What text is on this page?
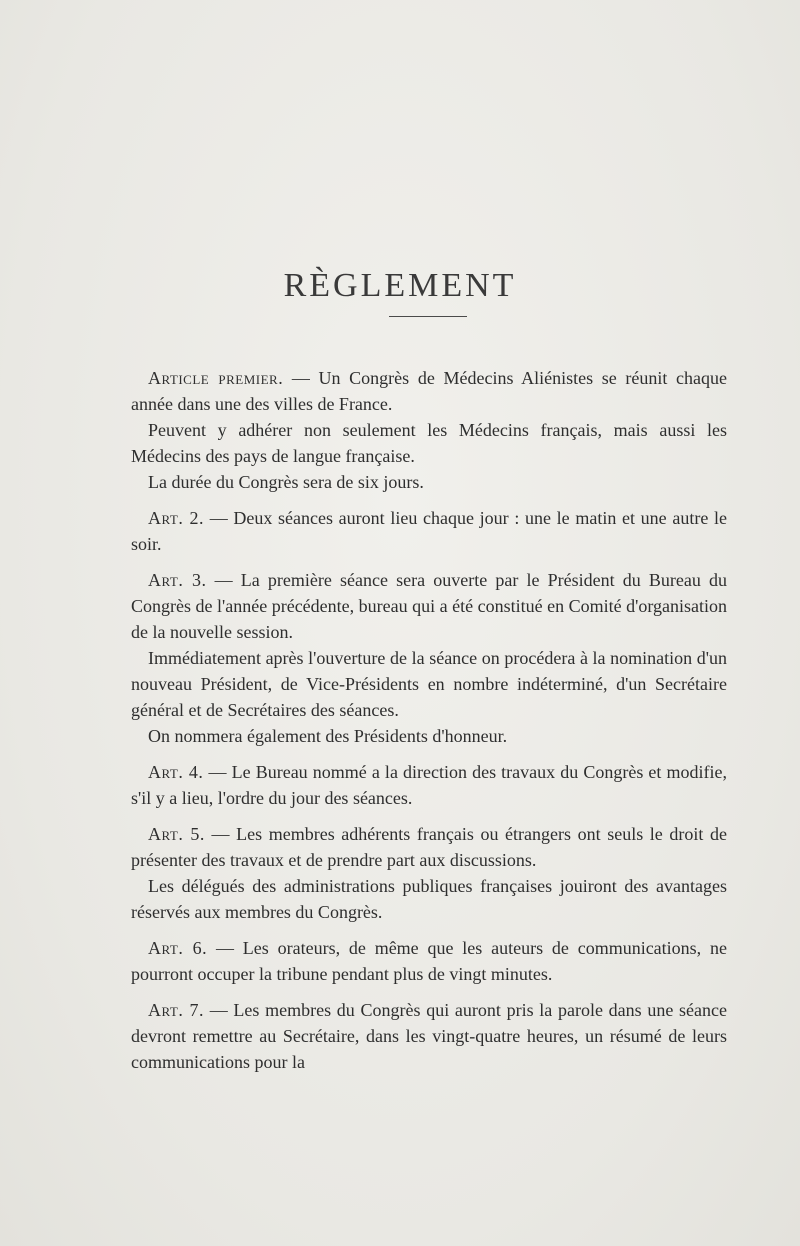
RÈGLEMENT

Article premier. — Un Congrès de Médecins Aliénistes se réunit chaque année dans une des villes de France.

Peuvent y adhérer non seulement les Médecins français, mais aussi les Médecins des pays de langue française.

La durée du Congrès sera de six jours.

Art. 2. — Deux séances auront lieu chaque jour : une le matin et une autre le soir.

Art. 3. — La première séance sera ouverte par le Président du Bureau du Congrès de l'année précédente, bureau qui a été constitué en Comité d'organisation de la nouvelle session.

Immédiatement après l'ouverture de la séance on procédera à la nomination d'un nouveau Président, de Vice-Présidents en nombre indéterminé, d'un Secrétaire général et de Secrétaires des séances.

On nommera également des Présidents d'honneur.

Art. 4. — Le Bureau nommé a la direction des travaux du Congrès et modifie, s'il y a lieu, l'ordre du jour des séances.

Art. 5. — Les membres adhérents français ou étrangers ont seuls le droit de présenter des travaux et de prendre part aux discussions.

Les délégués des administrations publiques françaises jouiront des avantages réservés aux membres du Congrès.

Art. 6. — Les orateurs, de même que les auteurs de communications, ne pourront occuper la tribune pendant plus de vingt minutes.

Art. 7. — Les membres du Congrès qui auront pris la parole dans une séance devront remettre au Secrétaire, dans les vingt-quatre heures, un résumé de leurs communications pour la
